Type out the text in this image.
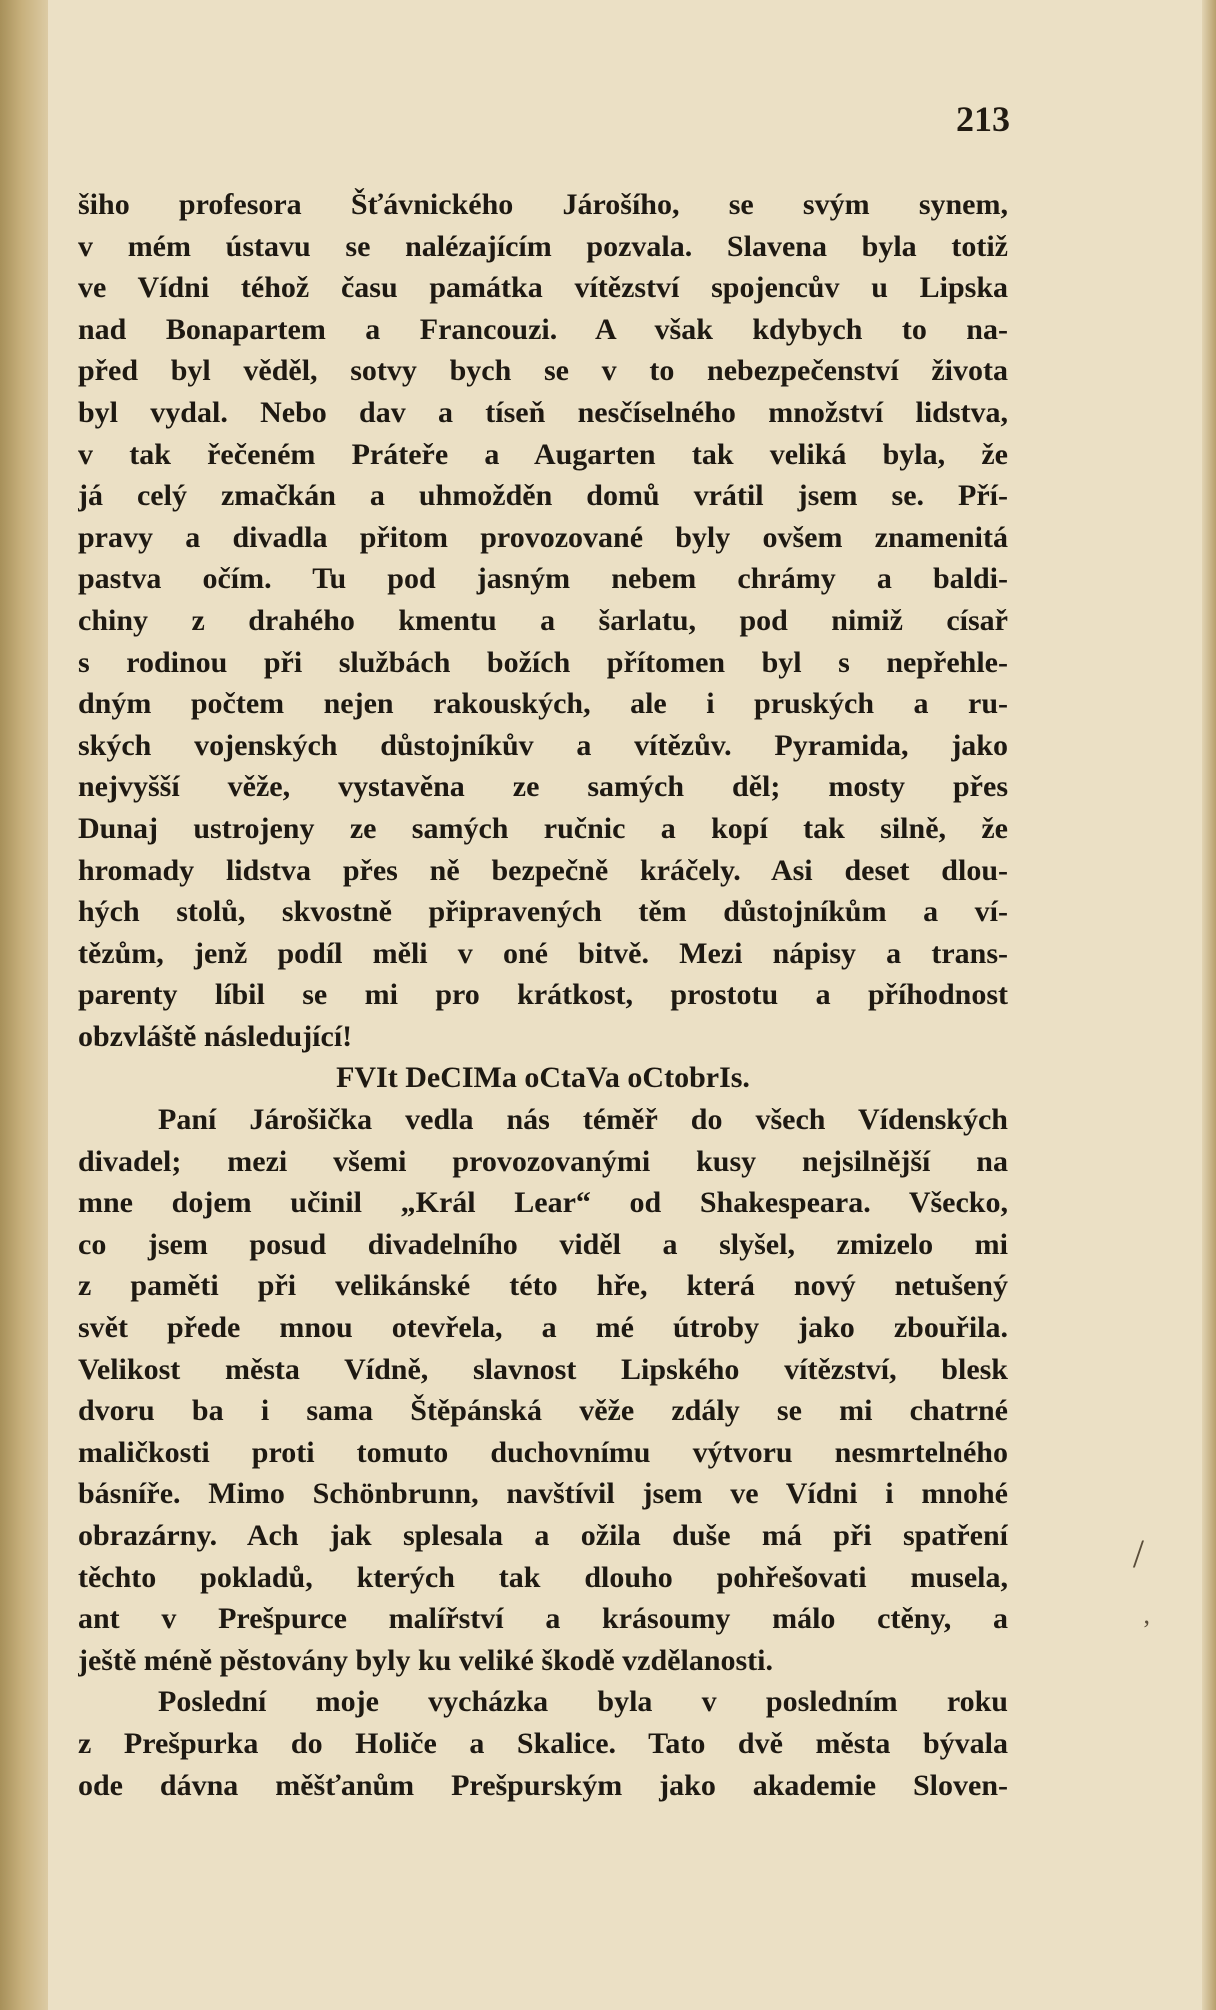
213
šiho profesora Šťávnického Járošího, se svým synem,
v mém ústavu se nalézajícím pozvala. Slavena byla totiž
ve Vídni téhož času památka vítězství spojencův u Lipska
nad Bonapartem a Francouzi. A však kdybych to na-
před byl věděl, sotvy bych se v to nebezpečenství života
byl vydal. Nebo dav a tíseň nesčíselného množství lidstva,
v tak řečeném Práteře a Augarten tak veliká byla, že
já celý zmačkán a uhmožděn domů vrátil jsem se. Pří-
pravy a divadla přitom provozované byly ovšem znamenitá
pastva očím. Tu pod jasným nebem chrámy a baldi-
chiny z drahého kmentu a šarlatu, pod nimiž císař
s rodinou při službách božích přítomen byl s nepřehle-
dným počtem nejen rakouských, ale i pruských a ru-
ských vojenských důstojníkův a vítězův. Pyramida, jako
nejvyšší věže, vystavěna ze samých děl; mosty přes
Dunaj ustrojeny ze samých ručnic a kopí tak silně, že
hromady lidstva přes ně bezpečně kráčely. Asi deset dlou-
hých stolů, skvostně připravených těm důstojníkům a ví-
tězům, jenž podíl měli v oné bitvě. Mezi nápisy a trans-
parenty líbil se mi pro krátkost, prostotu a příhodnost
obzvláště následující!
FVIt DeCIMa oCtaVa oCtobrIs.
Paní Járošička vedla nás téměř do všech Vídenských
divadel; mezi všemi provozovanými kusy nejsilnější na
mne dojem učinil „Král Lear“ od Shakespeara. Všecko,
co jsem posud divadelního viděl a slyšel, zmizelo mi
z paměti při velikánské této hře, která nový netušený
svět přede mnou otevřela, a mé útroby jako zbouřila.
Velikost města Vídně, slavnost Lipského vítězství, blesk
dvoru ba i sama Štěpánská věže zdály se mi chatrné
maličkosti proti tomuto duchovnímu výtvoru nesmrtelného
básníře. Mimo Schönbrunn, navštívil jsem ve Vídni i mnohé
obrazárny. Ach jak splesala a ožila duše má při spatření
těchto pokladů, kterých tak dlouho pohřešovati musela,
ant v Prešpurce malířství a krásoumy málo ctěny, a
ještě méně pěstovány byly ku veliké škodě vzdělanosti.
Poslední moje vycházka byla v posledním roku
z Prešpurka do Holiče a Skalice. Tato dvě města bývala
ode dávna měšťanům Prešpurským jako akademie Sloven-
/
,
